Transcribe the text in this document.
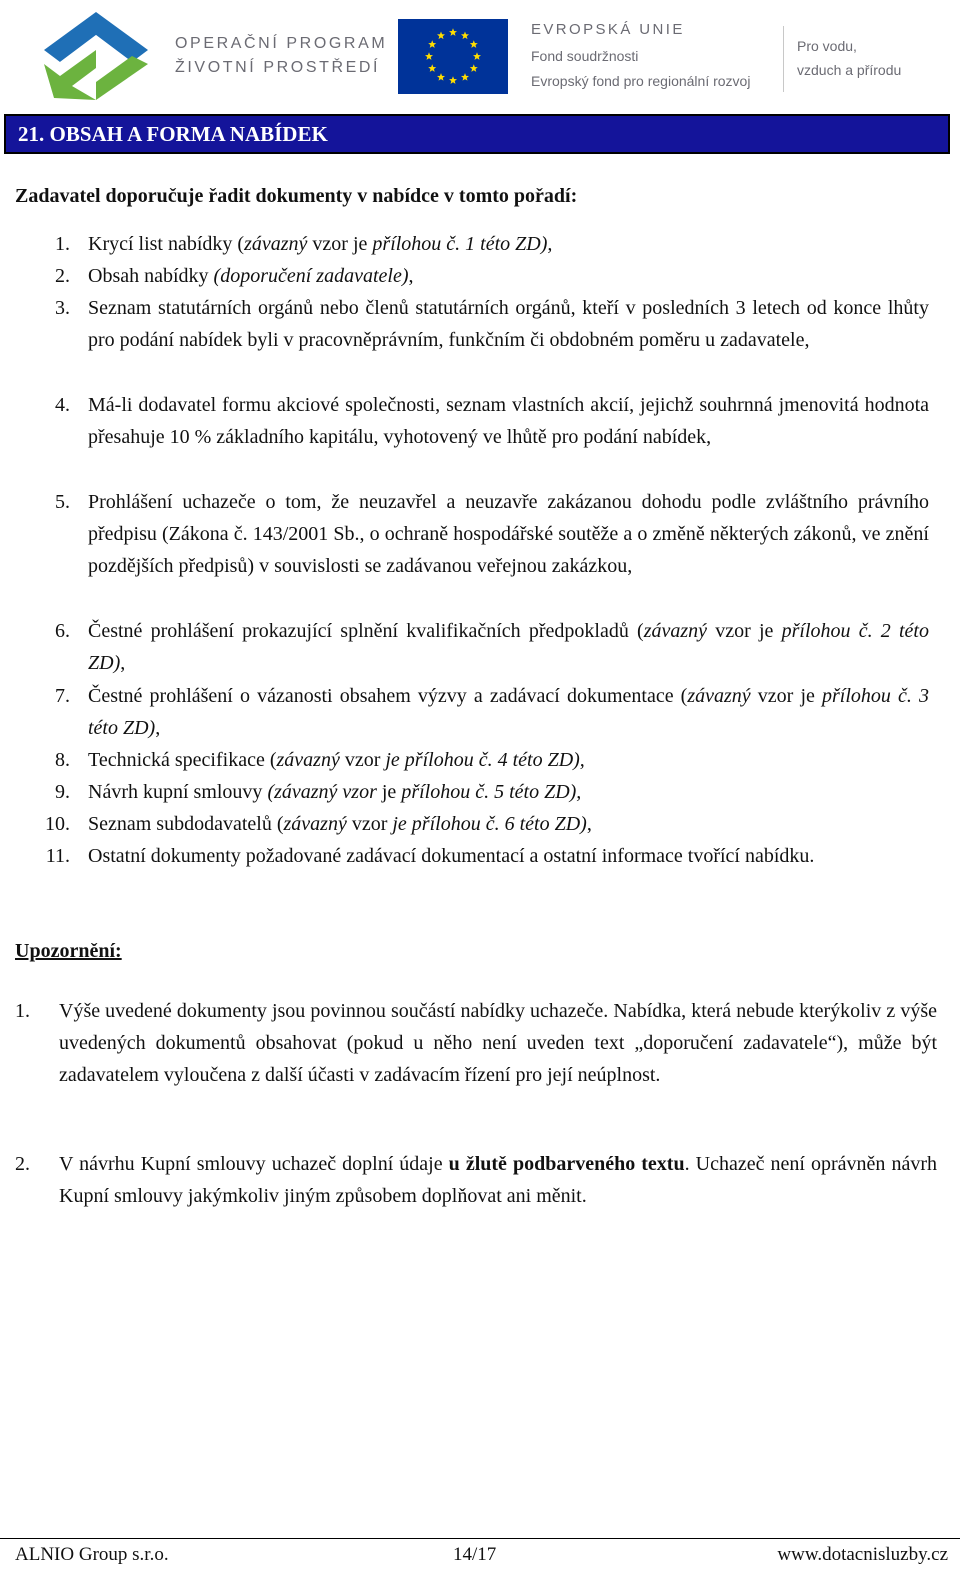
OPERAČNÍ PROGRAM
ŽIVOTNÍ PROSTŘEDÍ
EVROPSKÁ UNIE
Fond soudržnosti
Evropský fond pro regionální rozvoj
Pro vodu,
vzduch a přírodu
21. OBSAH A FORMA NABÍDEK
Zadavatel doporučuje řadit dokumenty v nabídce v tomto pořadí:
1. Krycí list nabídky (závazný vzor je přílohou č. 1 této ZD),
2. Obsah nabídky (doporučení zadavatele),
3. Seznam statutárních orgánů nebo členů statutárních orgánů, kteří v posledních 3 letech od konce lhůty pro podání nabídek byli v pracovněprávním, funkčním či obdobném poměru u zadavatele,
4. Má-li dodavatel formu akciové společnosti, seznam vlastních akcií, jejichž souhrnná jmenovitá hodnota přesahuje 10 % základního kapitálu, vyhotovený ve lhůtě pro podání nabídek,
5. Prohlášení uchazeče o tom, že neuzavřel a neuzavře zakázanou dohodu podle zvláštního právního předpisu (Zákona č. 143/2001 Sb., o ochraně hospodářské soutěže a o změně některých zákonů, ve znění pozdějších předpisů) v souvislosti se zadávanou veřejnou zakázkou,
6. Čestné prohlášení prokazující splnění kvalifikačních předpokladů (závazný vzor je přílohou č. 2 této ZD),
7. Čestné prohlášení o vázanosti obsahem výzvy a zadávací dokumentace (závazný vzor je přílohou č. 3 této ZD),
8. Technická specifikace (závazný vzor je přílohou č. 4 této ZD),
9. Návrh kupní smlouvy (závazný vzor je přílohou č. 5 této ZD),
10. Seznam subdodavatelů (závazný vzor je přílohou č. 6 této ZD),
11. Ostatní dokumenty požadované zadávací dokumentací a ostatní informace tvořící nabídku.
Upozornění:
1. Výše uvedené dokumenty jsou povinnou součástí nabídky uchazeče. Nabídka, která nebude kterýkoliv z výše uvedených dokumentů obsahovat (pokud u něho není uveden text „doporučení zadavatele“), může být zadavatelem vyloučena z další účasti v zadávacím řízení pro její neúplnost.
2. V návrhu Kupní smlouvy uchazeč doplní údaje u žlutě podbarveného textu. Uchazeč není oprávněn návrh Kupní smlouvy jakýmkoliv jiným způsobem doplňovat ani měnit.
ALNIO Group s.r.o.	14/17	www.dotacnisluzby.cz
